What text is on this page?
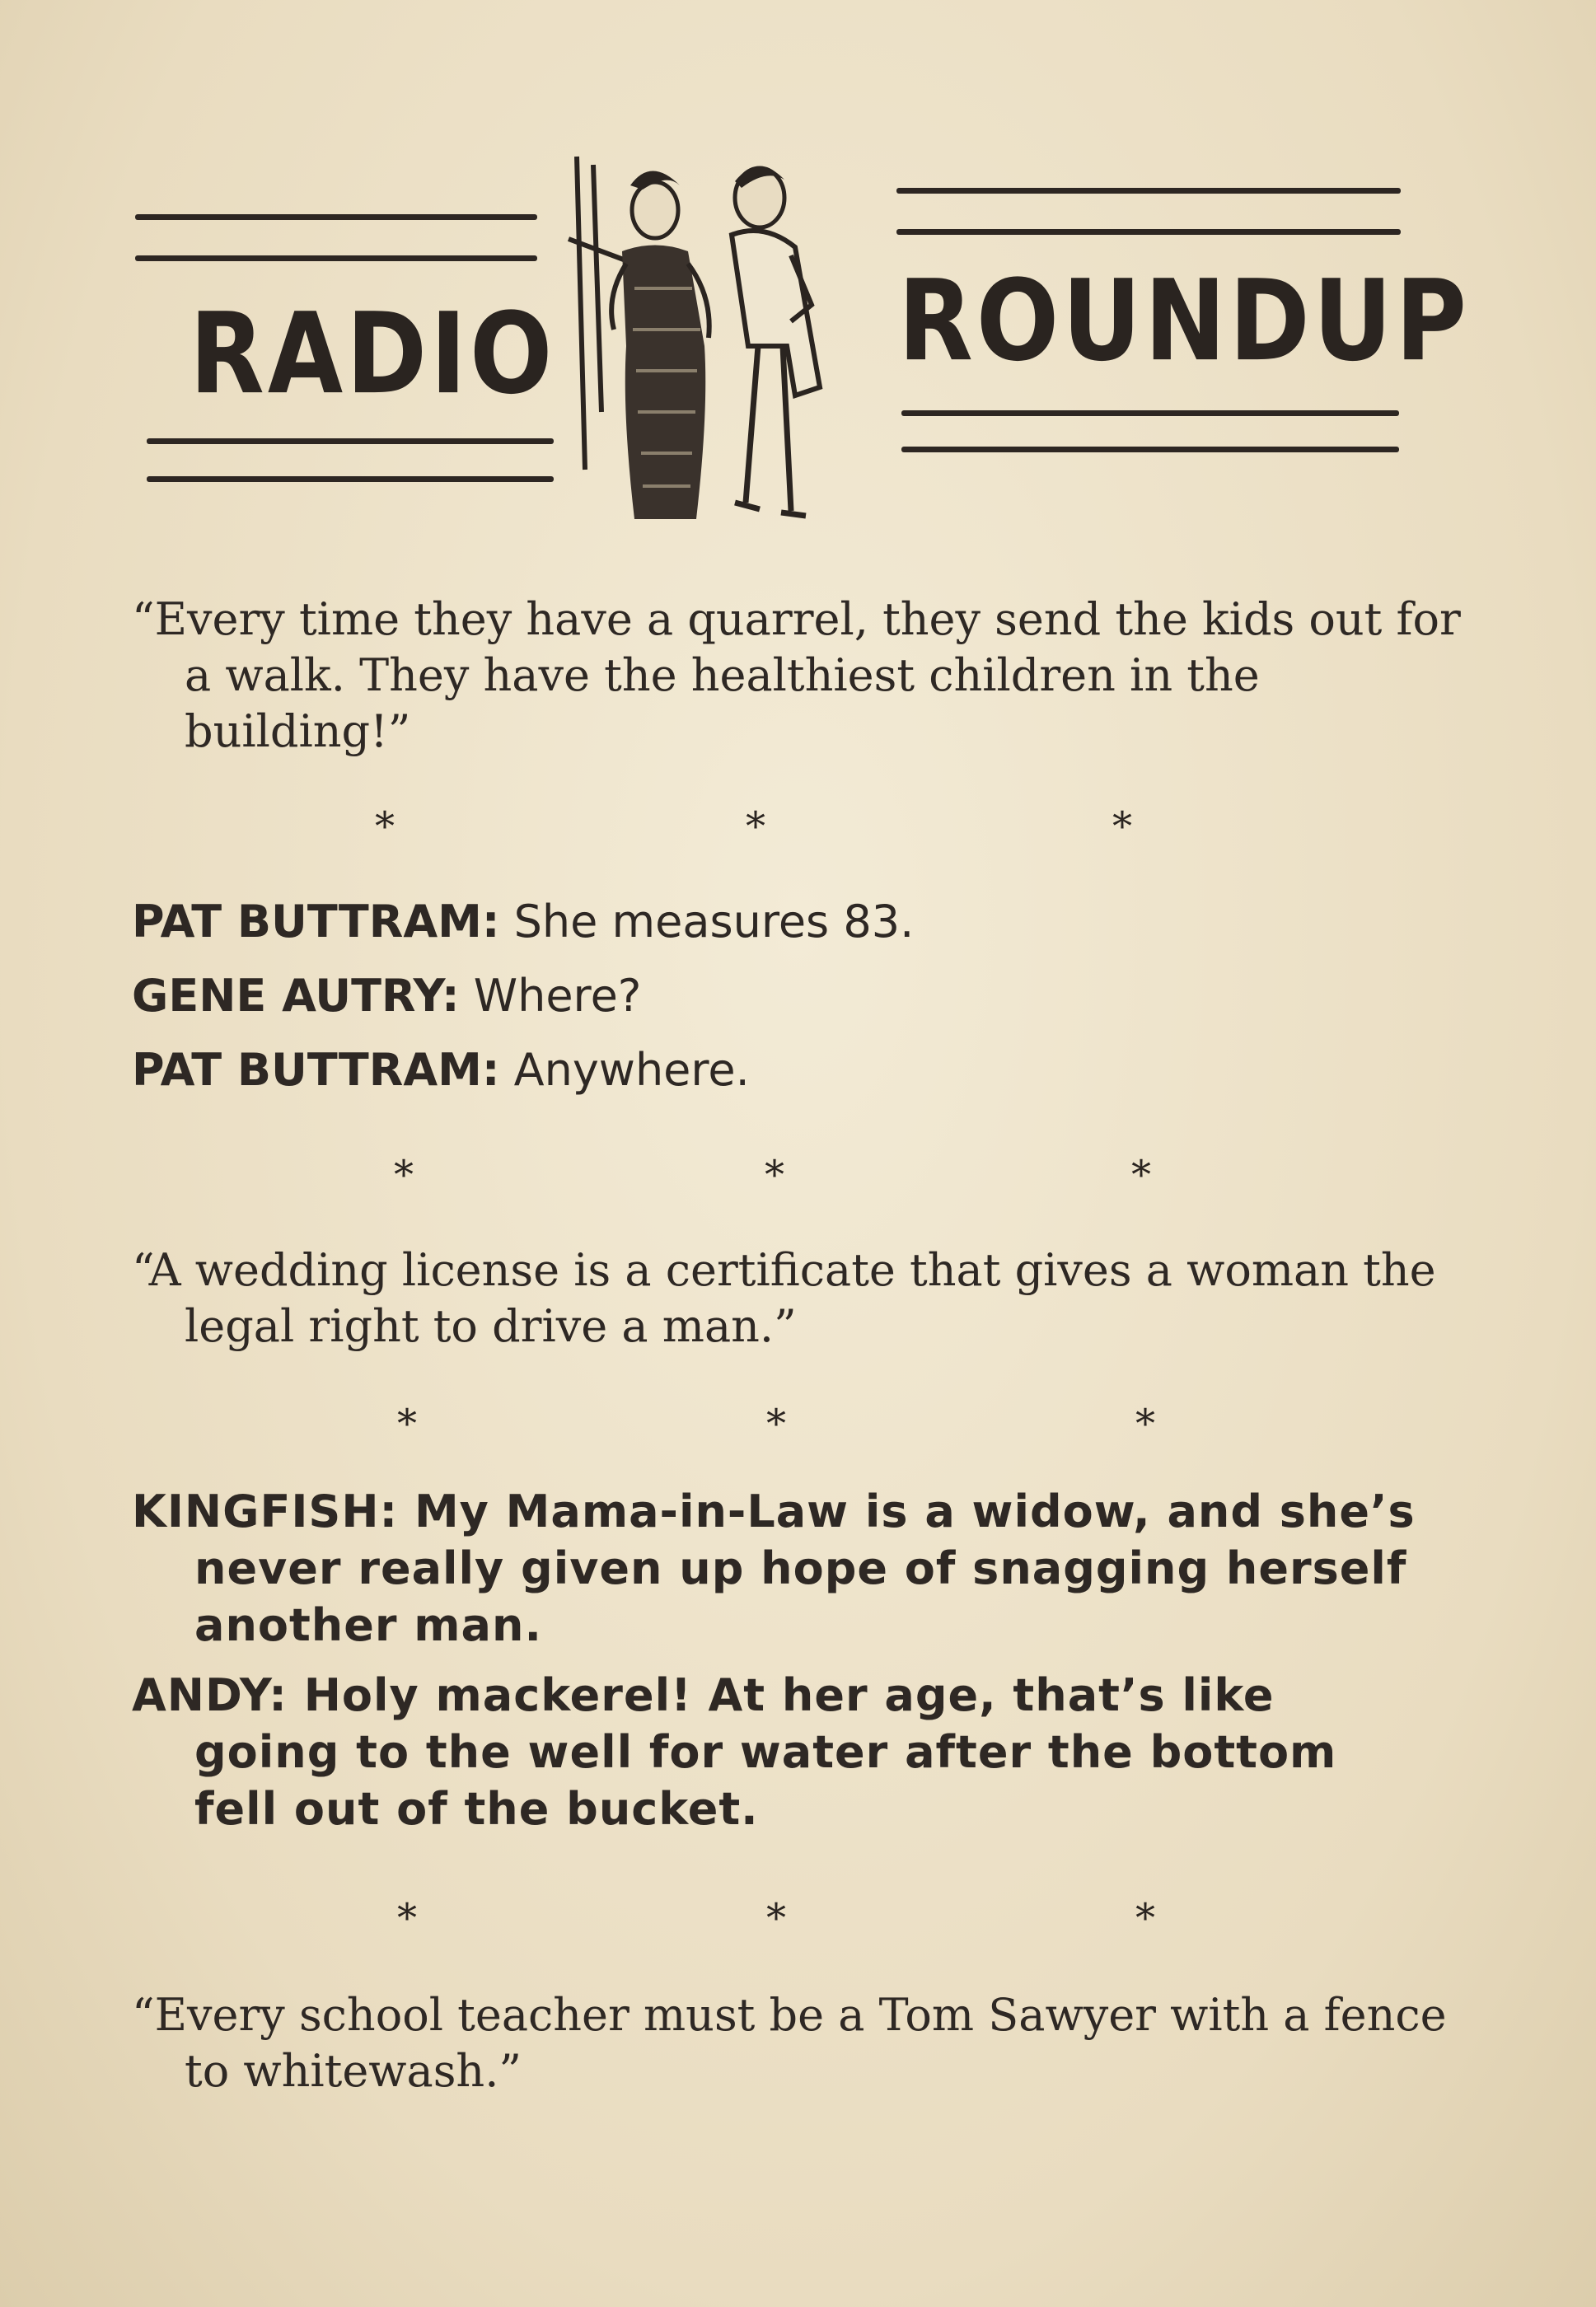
RADIO	ROUNDUP
“Every time they have a quarrel, they send the kids out for a walk. They have the healthiest children in the building!”
*	*	*
PAT BUTTRAM: She measures 83.
GENE AUTRY: Where?
PAT BUTTRAM: Anywhere.
*	*	*
“A wedding license is a certificate that gives a woman the legal right to drive a man.”
*	*	*
KINGFISH: My Mama-in-Law is a widow, and she’s never really given up hope of snagging herself another man.
ANDY: Holy mackerel! At her age, that’s like going to the well for water after the bottom fell out of the bucket.
*	*	*
“Every school teacher must be a Tom Sawyer with a fence to whitewash.”
